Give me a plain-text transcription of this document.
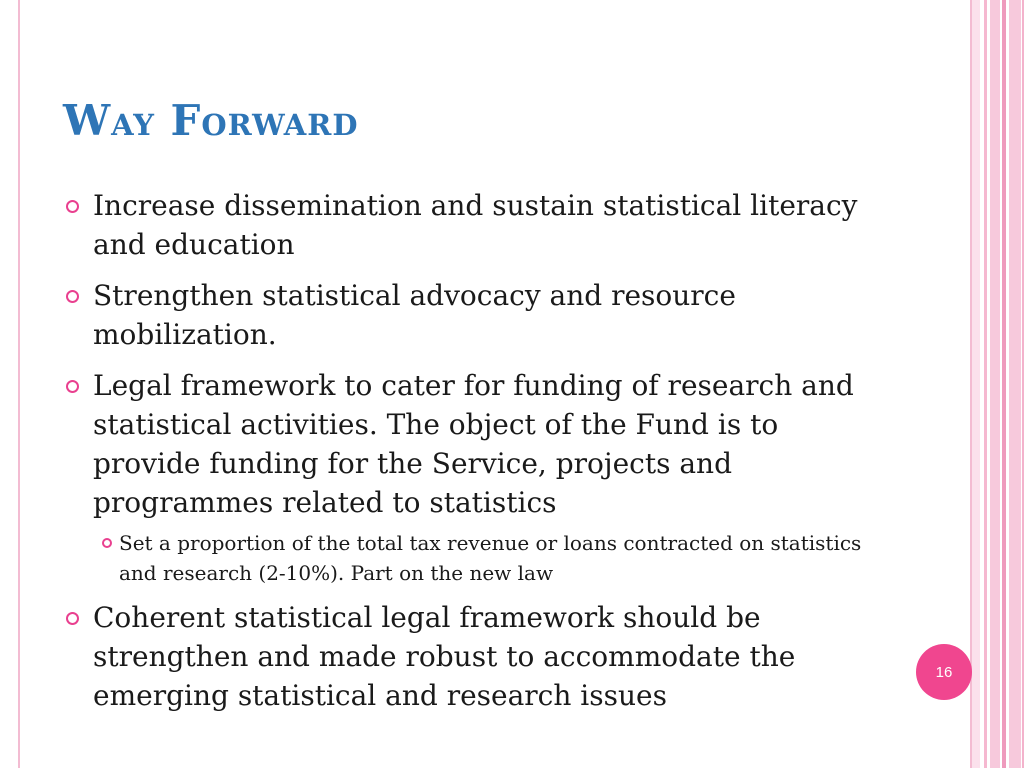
Way Forward
Increase dissemination and sustain statistical literacy and education
Strengthen statistical advocacy and resource mobilization.
Legal framework to cater for funding of research and statistical activities. The object of the Fund is to provide funding for the Service, projects and programmes related to statistics
Set a proportion of the total tax revenue or loans contracted on statistics and research (2-10%). Part on the new law
Coherent statistical legal framework should be strengthen and made robust to accommodate the emerging statistical and research issues
16
